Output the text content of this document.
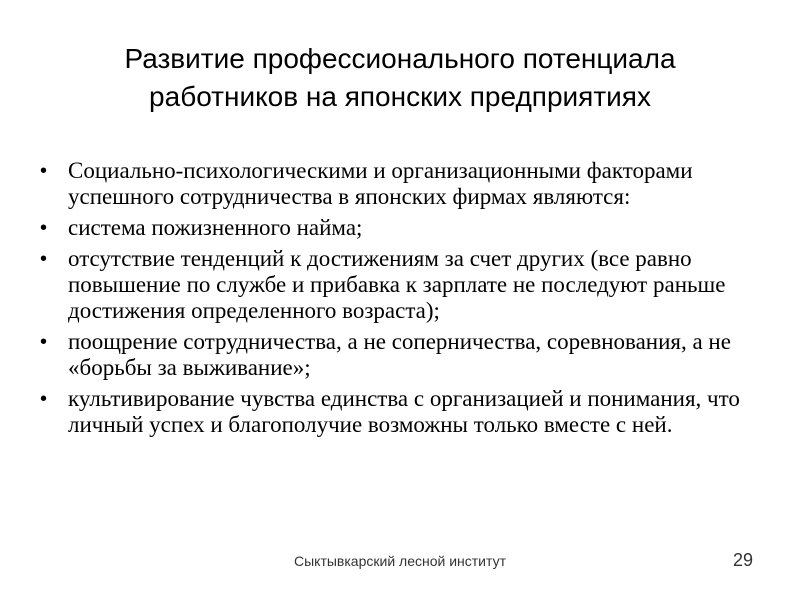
Развитие профессионального потенциала
работников на японских предприятиях
• Социально-психологическими и организационными факторами успешного сотрудничества в японских фирмах являются:
• система пожизненного найма;
• отсутствие тенденций к достижениям за счет других (все равно повышение по службе и прибавка к зарплате не последуют раньше достижения определенного возраста);
• поощрение сотрудничества, а не соперничества, соревнования, а не «борьбы за выживание»;
• культивирование чувства единства с организацией и понимания, что личный успех и благополучие возможны только вместе с ней.
Сыктывкарский лесной институт	29
